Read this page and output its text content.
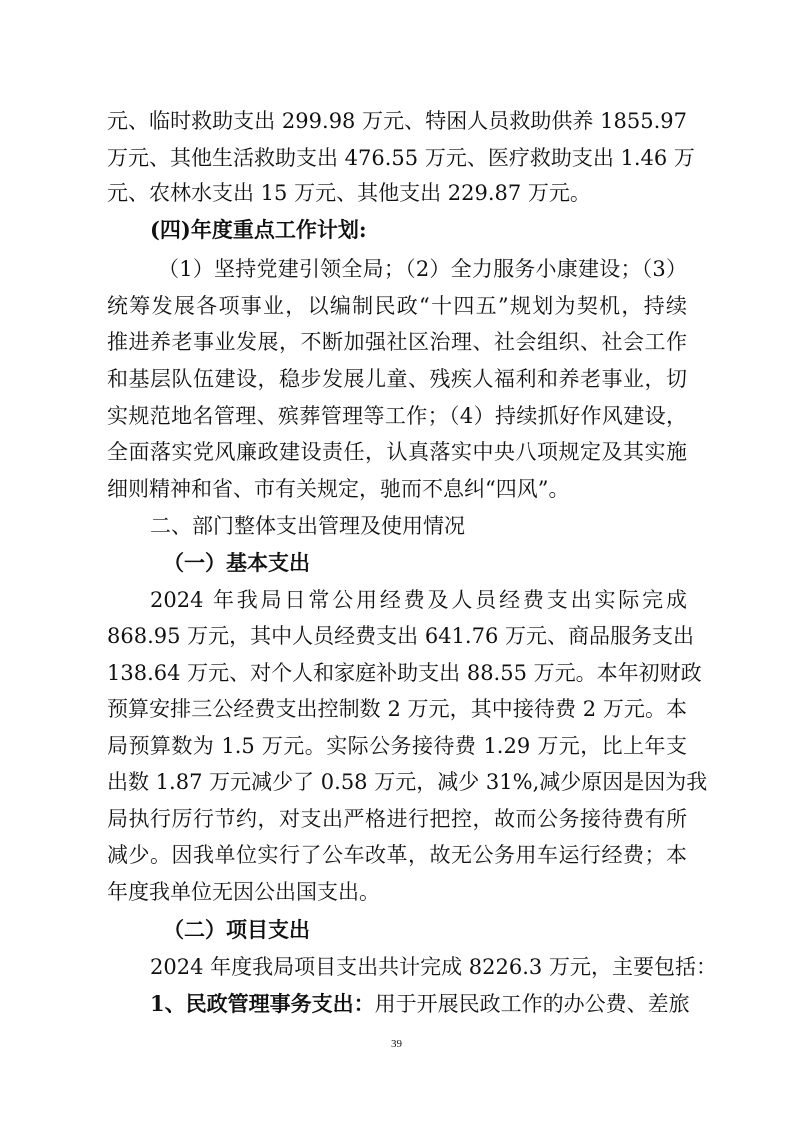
元、临时救助支出 299.98 万元、特困人员救助供养 1855.97
万元、其他生活救助支出 476.55 万元、医疗救助支出 1.46 万
元、农林水支出 15 万元、其他支出 229.87 万元。
(四)年度重点工作计划:
（1）坚持党建引领全局；（2）全力服务小康建设；（3）
统筹发展各项事业，以编制民政“十四五”规划为契机，持续
推进养老事业发展，不断加强社区治理、社会组织、社会工作
和基层队伍建设，稳步发展儿童、残疾人福利和养老事业，切
实规范地名管理、殡葬管理等工作；（4）持续抓好作风建设，
全面落实党风廉政建设责任，认真落实中央八项规定及其实施
细则精神和省、市有关规定，驰而不息纠“四风”。
二、部门整体支出管理及使用情况
（一）基本支出
2024 年我局日常公用经费及人员经费支出实际完成
868.95 万元，其中人员经费支出 641.76 万元、商品服务支出
138.64 万元、对个人和家庭补助支出 88.55 万元。本年初财政
预算安排三公经费支出控制数 2 万元，其中接待费 2 万元。本
局预算数为 1.5 万元。实际公务接待费 1.29 万元，比上年支
出数 1.87 万元减少了 0.58 万元，减少 31%,减少原因是因为我
局执行厉行节约，对支出严格进行把控，故而公务接待费有所
减少。因我单位实行了公车改革，故无公务用车运行经费；本
年度我单位无因公出国支出。
（二）项目支出
2024 年度我局项目支出共计完成 8226.3 万元，主要包括：
1、民政管理事务支出：用于开展民政工作的办公费、差旅
39
